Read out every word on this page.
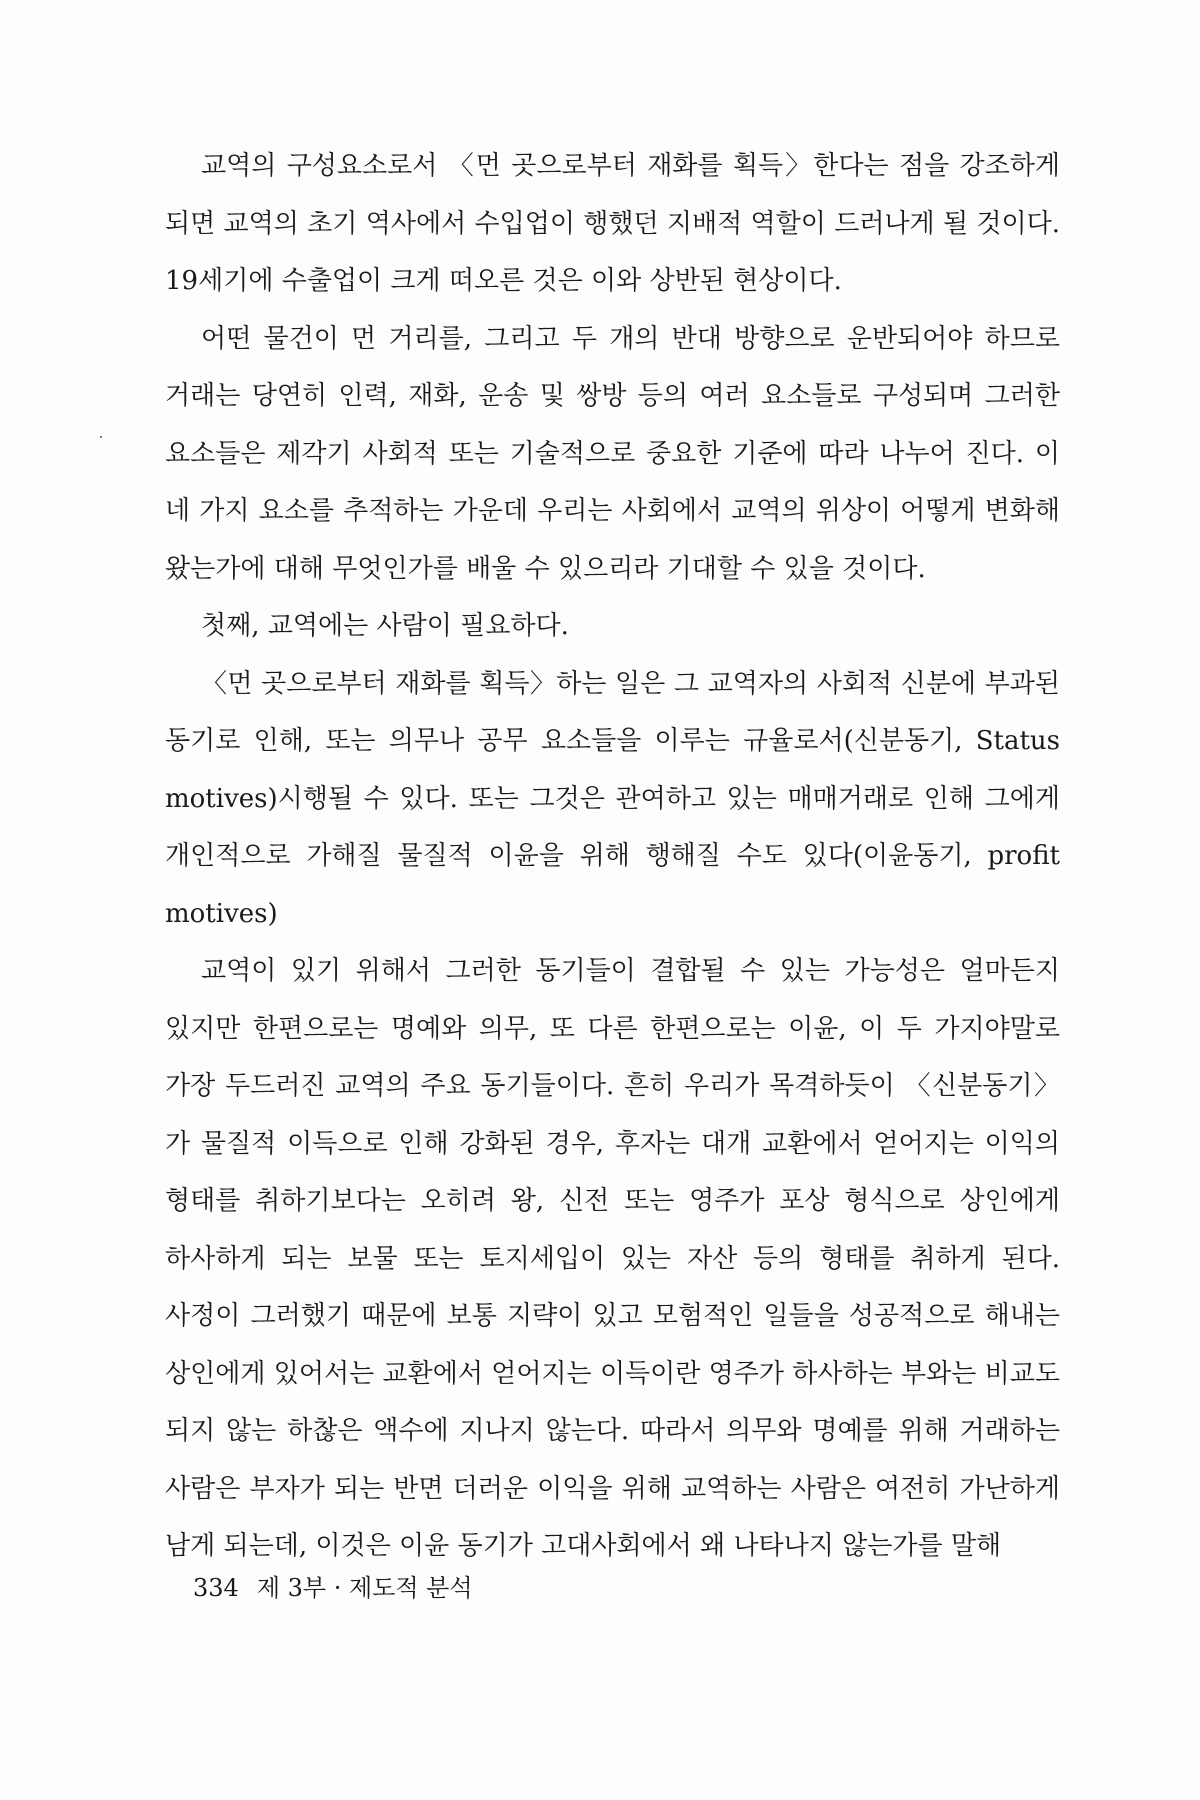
교역의 구성요소로서 〈먼 곳으로부터 재화를 획득〉한다는 점을 강조하게 되면 교역의 초기 역사에서 수입업이 행했던 지배적 역할이 드러나게 될 것이다. 19세기에 수출업이 크게 떠오른 것은 이와 상반된 현상이다.

어떤 물건이 먼 거리를, 그리고 두 개의 반대 방향으로 운반되어야 하므로 거래는 당연히 인력, 재화, 운송 및 쌍방 등의 여러 요소들로 구성되며 그러한 요소들은 제각기 사회적 또는 기술적으로 중요한 기준에 따라 나누어 진다. 이 네 가지 요소를 추적하는 가운데 우리는 사회에서 교역의 위상이 어떻게 변화해 왔는가에 대해 무엇인가를 배울 수 있으리라 기대할 수 있을 것이다.

첫째, 교역에는 사람이 필요하다.

〈먼 곳으로부터 재화를 획득〉하는 일은 그 교역자의 사회적 신분에 부과된 동기로 인해, 또는 의무나 공무 요소들을 이루는 규율로서(신분동기, Status motives)시행될 수 있다. 또는 그것은 관여하고 있는 매매거래로 인해 그에게 개인적으로 가해질 물질적 이윤을 위해 행해질 수도 있다(이윤동기, profit motives)

교역이 있기 위해서 그러한 동기들이 결합될 수 있는 가능성은 얼마든지 있지만 한편으로는 명예와 의무, 또 다른 한편으로는 이윤, 이 두 가지야말로 가장 두드러진 교역의 주요 동기들이다. 흔히 우리가 목격하듯이 〈신분동기〉가 물질적 이득으로 인해 강화된 경우, 후자는 대개 교환에서 얻어지는 이익의 형태를 취하기보다는 오히려 왕, 신전 또는 영주가 포상 형식으로 상인에게 하사하게 되는 보물 또는 토지세입이 있는 자산 등의 형태를 취하게 된다. 사정이 그러했기 때문에 보통 지략이 있고 모험적인 일들을 성공적으로 해내는 상인에게 있어서는 교환에서 얻어지는 이득이란 영주가 하사하는 부와는 비교도 되지 않는 하찮은 액수에 지나지 않는다. 따라서 의무와 명예를 위해 거래하는 사람은 부자가 되는 반면 더러운 이익을 위해 교역하는 사람은 여전히 가난하게 남게 되는데, 이것은 이윤 동기가 고대사회에서 왜 나타나지 않는가를 말해

334 제 3부 · 제도적 분석
